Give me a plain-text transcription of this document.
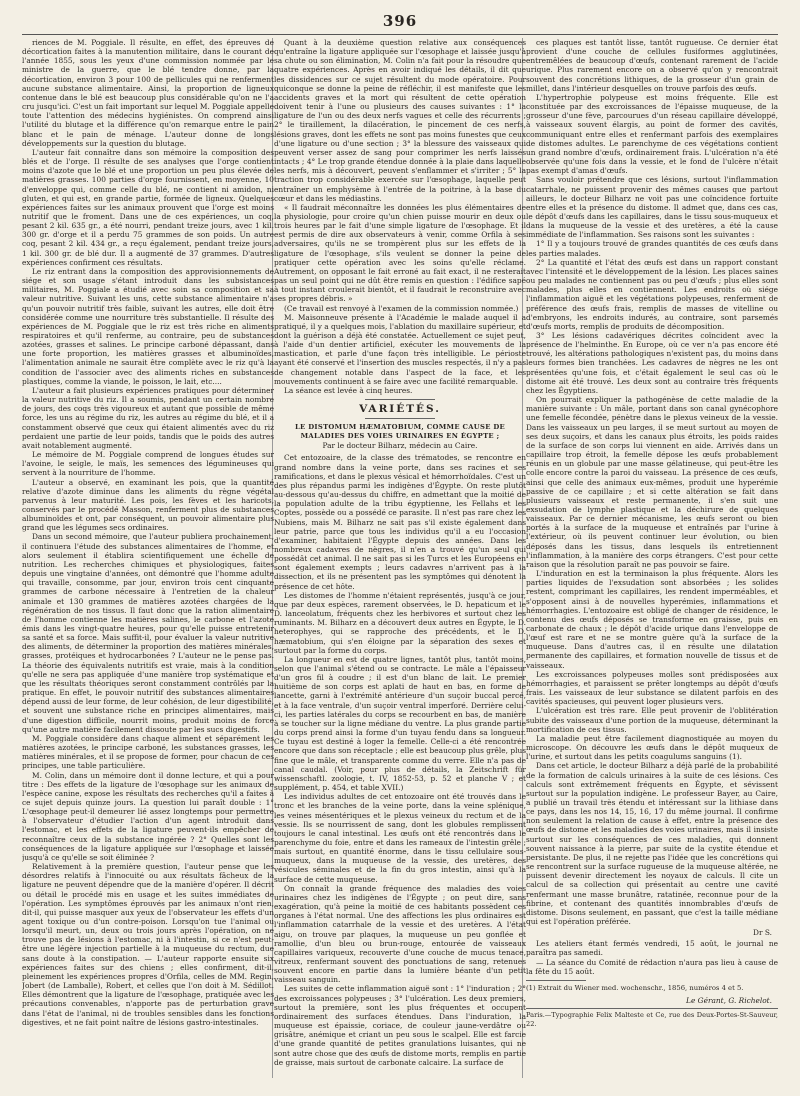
396

riences de M. Poggiale. Il résulte, en effet, des épreuves de décortication faites à la manutention militaire, dans le courant de l'année 1855, sous les yeux d'une commission nommée par le ministre de la guerre, que le blé tendre donne, par la décortication, environ 3 pour 100 de pellicules qui ne renferment aucune substance alimentaire. Ainsi, la proportion de ligneux contenue dans le blé est beaucoup plus considérable qu'on ne l'a cru jusqu'ici. C'est un fait important sur lequel M. Poggiale appelle toute l'attention des médecins hygiénistes. On comprend ainsi l'utilité du blutage et la différence qu'on remarque entre le pain blanc et le pain de ménage. L'auteur donne de longs développements sur la question du blutage.

L'auteur fait connaître dans son mémoire la composition des blés et de l'orge. Il résulte de ses analyses que l'orge contient moins d'azote que le blé et une proportion un peu plus élevée de matières grasses. 100 parties d'orge fournissent, en moyenne, 10 d'enveloppe qui, comme celle du blé, ne contient ni amidon, ni gluten, et qui est, en grande partie, formée de ligneux. Quelques expériences faites sur les animaux prouvent que l'orge est moins nutritif que le froment. Dans une de ces expériences, un coq, pesant 2 kil. 635 gr., a été nourri, pendant treize jours, avec 1 kil. 300 gr. d'orge et il a perdu 75 grammes de son poids. Un autre coq, pesant 2 kil. 434 gr., a reçu également, pendant treize jours, 1 kil. 300 gr. de blé dur. Il a augmenté de 37 grammes. D'autres expériences confirment ces résultats.

Le riz entrant dans la composition des approvisionnements de siége et son usage s'étant introduit dans les subsistances militaires, M. Poggiale a étudié avec soin sa composition et sa valeur nutritive. Suivant les uns, cette substance alimentaire n'a qu'un pouvoir nutritif très faible, suivant les autres, elle doit être considérée comme une nourriture très substantielle. Il résulte des expériences de M. Poggiale que le riz est très riche en aliments respiratoires et qu'il renferme, au contraire, peu de substances azotées, grasses et salines. Le principe carboné dépassant, dans une forte proportion, les matières grasses et albuminoïdes, l'alimentation animale ne saurait être complète avec le riz qu'à la condition de l'associer avec des aliments riches en substances plastiques, comme la viande, le poisson, le lait, etc....

L'auteur a fait plusieurs expériences pratiques pour déterminer la valeur nutritive du riz. Il a soumis, pendant un certain nombre de jours, des coqs très vigoureux et autant que possible de même force, les uns au régime du riz, les autres au régime du blé, et il a constamment observé que ceux qui étaient alimentés avec du riz perdaient une partie de leur poids, tandis que le poids des autres avait notablement augmenté.

Le mémoire de M. Poggiale comprend de longues études sur l'avoine, le seigle, le maïs, les semences des légumineuses qui servent à la nourriture de l'homme.

L'auteur a observé, en examinant les pois, que la quantité relative d'azote diminue dans les aliments du règne végétal parvenus à leur maturité. Les pois, les fèves et les haricots, conservés par le procédé Masson, renferment plus de substances albuminoïdes et ont, par conséquent, un pouvoir alimentaire plus grand que les légumes secs ordinaires.

Dans un second mémoire, que l'auteur publiera prochainement, il continuera l'étude des substances alimentaires de l'homme, et alors seulement il établira scientifiquement une échelle de nutrition. Les recherches chimiques et physiologiques, faites depuis une vingtaine d'années, ont démontré que l'homme adulte qui travaille, consomme, par jour, environ trois cent cinquante grammes de carbone nécessaire à l'entretien de la chaleur animale et 130 grammes de matières azotées chargées de la régénération de nos tissus. Il faut donc que la ration alimentaire de l'homme contienne les matières salines, le carbone et l'azote émis dans les vingt-quatre heures, pour qu'elle puisse entretenir sa santé et sa force. Mais suffit-il, pour évaluer la valeur nutritive des aliments, de déterminer la proportion des matières minérales, grasses, protéiques et hydrocarbonées ? L'auteur ne le pense pas. La théorie des équivalents nutritifs est vraie, mais à la condition qu'elle ne sera pas appliquée d'une manière trop systématique et que les résultats théoriques seront constamment contrôlés par la pratique. En effet, le pouvoir nutritif des substances alimentaires dépend aussi de leur forme, de leur cohésion, de leur digestibilité, et souvent une substance riche en principes alimentaires, mais d'une digestion difficile, nourrit moins, produit moins de force qu'une autre matière facilement dissoute par les sucs digestifs.

M. Poggiale considère dans chaque aliment et séparément les matières azotées, le principe carboné, les substances grasses, les matières minérales, et il se propose de former, pour chacun de ces principes, une table particulière.

M. Colin, dans un mémoire dont il donne lecture, et qui a pour titre : Des effets de la ligature de l'œsophage sur les animaux de l'espèce canine, expose les résultats des recherches qu'il a faites à ce sujet depuis quinze jours. La question lui paraît double : 1° L'œsophage peut-il demeurer lié assez longtemps pour permettre à l'observateur d'étudier l'action d'un agent introduit dans l'estomac, et les effets de la ligature peuvent-ils empêcher de reconnaître ceux de la substance ingérée ? 2° Quelles sont les conséquences de la ligature appliquée sur l'œsophage et laissée jusqu'à ce qu'elle se soit éliminée ?

Relativement à la première question, l'auteur pense que les désordres relatifs à l'innocuité ou aux résultats fâcheux de la ligature ne peuvent dépendre que de la manière d'opérer. Il décrit ou détail le procédé mis en usage et les suites immédiates de l'opération. Les symptômes éprouvés par les animaux n'ont rien, dit-il, qui puisse masquer aux yeux de l'observateur les effets d'un agent toxique ou d'un contre-poison. Lorsqu'on tue l'animal ou lorsqu'il meurt, un, deux ou trois jours après l'opération, on ne trouve pas de lésions à l'estomac, ni à l'intestin, si ce n'est peut-être une légère injection partielle à la muqueuse du rectum, due sans doute à la constipation. — L'auteur rapporte ensuite six expériences faites sur des chiens ; elles confirment, dit-il, pleinement les expériences propres d'Orfila, celles de MM. Regin, Jobert (de Lamballe), Robert, et celles que l'on doit à M. Sédillot. Elles démontrent que la ligature de l'œsophage, pratiquée avec les précautions convenables, n'apporte pas de perturbation grave dans l'état de l'animal, ni de troubles sensibles dans les fonctions digestives, et ne fait point naître de lésions gastro-intestinales.

Quant à la deuxième question relative aux conséquences qu'entraîne la ligature appliquée sur l'œsophage et laissée jusqu'à sa chute ou son élimination, M. Colin n'a fait pour la résoudre que quatre expériences. Après en avoir indiqué les détails, il dit que les dissidences sur ce sujet résultent du mode opératoire. Pour quiconque se donne la peine de réfléchir, il est manifeste que les accidents graves et la mort qui résultent de cette opération doivent tenir à l'une ou plusieurs des causes suivantes : 1° la ligature de l'un ou des deux nerfs vagues et celle des récurrents ; 2° le tiraillement, la dilacération, le pincement de ces nerfs, lésions graves, dont les effets ne sont pas moins funestes que ceux d'une ligature ou d'une section ; 3° la blessure des vaisseaux qui peuvent verser assez de sang pour comprimer les nerfs laissés intacts ; 4° Le trop grande étendue donnée à la plaie dans laquelle les nerfs, mis à découvert, peuvent s'enflammer et s'irriter ; 5° la traction trop considérable exercée sur l'œsophage, laquelle peut entraîner un emphysème à l'entrée de la poitrine, à la base du cœur et dans les médiastins.

« Il faudrait méconnaître les données les plus élémentaires de la physiologie, pour croire qu'un chien puisse mourir en deux ou trois heures par le fait d'une simple ligature de l'œsophage. Et il est permis de dire aux observateurs à venir, comme Orfila à ses adversaires, qu'ils ne se trompèrent plus sur les effets de la ligature de l'œsophage, s'ils veulent se donner la peine de pratiquer cette opération avec les soins qu'elle réclame. Autrement, on opposant le fait erroné au fait exact, il ne resterait pas un seul point qui ne dût être remis en question : l'édifice sapé à tout instant croulerait bientôt, et il faudrait le reconstruire avec ses propres débris. »

(Ce travail est renvoyé à l'examen de la commission nommée.)

M. Maisonneuve présente à l'Académie le malade auquel il a pratiqué, il y a quelques mois, l'ablation du maxillaire supérieur, et dont la guérison a déjà été constatée. Actuellement ce sujet peut, à l'aide d'un dentier artificiel, exécuter les mouvements de la mastication, et parle d'une façon très intelligible. Le périoste ayant été conservé et l'insertion des muscles respectés, il n'y a pas de changement notable dans l'aspect de la face, et les mouvements continuent à se faire avec une facilité remarquable.

La séance est levée à cinq heures.

VARIÉTÉS.
LE DISTOMUM HÆMATOBIUM, COMME CAUSE DE MALADIES DES VOIES URINAIRES EN ÉGYPTE ;
Par le docteur Bilharz, médecin au Caire.

Cet entozoaire, de la classe des trématodes, se rencontre en grand nombre dans la veine porte, dans ses racines et ses ramifications, et dans le plexus vésical et hémorrhoïdales. C'est un des plus répandus parmi les indigènes d'Égypte. On reste plutôt au-dessous qu'au-dessus du chiffre, en admettant que la moitié de la population adulte de la tribu égyptienne, les Fellahs et les Coptes, possède ou a possédé ce parasite. Il n'est pas rare chez les Nubiens, mais M. Bilharz ne sait pas s'il existe également dans leur patrie, parce que tous les individus qu'il a eu l'occasion d'examiner, habitaient l'Égypte depuis des années. Dans les nombreux cadavres de nègres, il n'en a trouvé qu'un seul qui possédât cet animal. Il ne sait pas si les Turcs et les Européens en sont également exempts ; leurs cadavres n'arrivent pas à la dissection, et ils ne présentent pas les symptômes qui dénotent la présence de cet hôte.

Les distomes de l'homme n'étaient représentés, jusqu'à ce jour, que par deux espèces, rarement observées, le D. hepaticum et le D. lanceolatum, fréquents chez les herbivores et surtout chez les ruminants. M. Bilharz en a découvert deux autres en Égypte, le D. heterophyes, qui se rapproche des précédents, et le D. hæmatobium, qui s'en éloigne par la séparation des sexes et surtout par la forme du corps.

La longueur en est de quatre lignes, tantôt plus, tantôt moins, selon que l'animal s'étend ou se contracte. Le mâle a l'épaisseur d'un gros fil à coudre ; il est d'un blanc de lait. Le premier huitième de son corps est aplati de haut en bas, en forme de lancette, garni à l'extrémité antérieure d'un suçoir buccal percé, et à la face ventrale, d'un suçoir ventral imperforé. Derrière celui-ci, les parties latérales du corps se recourbent en bas, de manière à se toucher sur la ligne médiane du ventre. La plus grande partie du corps prend ainsi la forme d'un tuyau fendu dans sa longueur. Ce tuyau est destiné à loger la femelle. Celle-ci a été rencontrée encore que dans son réceptacle ; elle est beaucoup plus grêle, plus fine que le mâle, et transparente comme du verre. Elle n'a pas de canal caudal. (Voir, pour plus de détails, la Zeitschrift für wissenschaftl. zoologie, t. IV, 1852-53, p. 52 et planche V ; et supplément, p. 454, et table XVII.)

Les individus adultes de cet entozoaire ont été trouvés dans le tronc et les branches de la veine porte, dans la veine splénique, les veines mésentériques et le plexus veineux du rectum et de la vessie. Ils se nourrissent de sang, dont les globules remplissent toujours le canal intestinal. Les œufs ont été rencontrés dans le parenchyme du foie, entre et dans les rameaux de l'intestin grêle ; mais surtout, en quantité énorme, dans le tissu cellulaire sous-muqueux, dans la muqueuse de la vessie, des uretères, des vésicules séminales et de la fin du gros intestin, ainsi qu'à la surface de cette muqueuse.

On connaît la grande fréquence des maladies des voies urinaires chez les indigènes de l'Égypte ; on peut dire, sans exagération, qu'à peine la moitié de ces habitants possèdent ces organes à l'état normal. Une des affections les plus ordinaires est l'inflammation catarrhale de la vessie et des uretères. A l'état aigu, on trouve par plaques, la muqueuse un peu gonflée et ramollie, d'un bleu ou brun-rouge, entourée de vaisseaux capillaires variqueux, recouverte d'une couche de mucus tenace, vitreux, renfermant souvent des ponctuations de sang, retenues souvent encore en partie dans la lumière béante d'un petit vaisseau sanguin.

Les suites de cette inflammation aiguë sont : 1° l'induration ; 2° des excroissances polypeuses ; 3° l'ulcération. Les deux premiers, surtout la première, sont les plus fréquentes et occupent ordinairement des surfaces étendues. Dans l'induration, la muqueuse est épaissie, coriace, de couleur jaune-verdâtre ou grisâtre, anémique et criant un peu sous le scalpel. Elle est farcie d'une grande quantité de petites granulations luisantes, qui ne sont autre chose que des œufs de distome morts, remplis en partie de graisse, mais surtout de carbonate calcaire. La surface de

ces plaques est tantôt lisse, tantôt rugueuse. Ce dernier état provient d'une couche de cellules fusiformes agglutinées, entremêlées de beaucoup d'œufs, contenant rarement de l'acide urique. Plus rarement encore on a observé qu'on y rencontrait souvent des concrétions lithiques, de la grosseur d'un grain de millet, dans l'intérieur desquelles on trouve parfois des œufs.

L'hypertrophie polypeuse est moins fréquente. Elle est constituée par des excroissances de l'épaisse muqueuse, de la grosseur d'une fève, parcourues d'un réseau capillaire développé, à vaisseaux souvent élargis, au point de former des cavités, communiquant entre elles et renfermant parfois des exemplaires de distomes adultes. Le parenchyme de ces végétations contient un grand nombre d'œufs, ordinairement frais. L'ulcération n'a été observée qu'une fois dans la vessie, et le fond de l'ulcère n'était pas exempt d'amas d'œufs.

Sans vouloir prétendre que ces lésions, surtout l'inflammation catarrhale, ne puissent provenir des mêmes causes que partout ailleurs, le docteur Bilharz ne voit pas une coïncidence fortuite entre elles et la présence du distome. Il admet que, dans ces cas, le dépôt d'œufs dans les capillaires, dans le tissu sous-muqueux et dans la muqueuse de la vessie et des uretères, a été la cause immédiate de l'inflammation. Ses raisons sont les suivantes :

1° Il y a toujours trouvé de grandes quantités de ces œufs dans les parties malades.

2° La quantité et l'état des œufs est dans un rapport constant avec l'intensité et le développement de la lésion. Les places saines ou peu malades ne contiennent pas ou peu d'œufs ; plus elles sont malades, plus elles en contiennent. Les endroits où siége l'inflammation aiguë et les végétations polypeuses, renferment de préférence des œufs frais, remplis de masses de vitelline ou d'embryons, les endroits indurés, au contraire, sont parsemés d'œufs morts, remplis de produits de décomposition.

3° Les lésions cadavériques décrites coïncident avec la présence de l'helminthe. En Europe, où ce ver n'a pas encore été trouvé, les altérations pathologiques n'existent pas, du moins dans leurs formes bien tranchées. Les cadavres de nègres ne les ont présentées qu'une fois, et c'était également le seul cas où le distome ait été trouvé. Les deux sont au contraire très fréquents chez les Égyptiens.

On pourrait expliquer la pathogénèse de cette maladie de la manière suivante : Un mâle, portant dans son canal gynécophore une femelle fécondée, pénètre dans le plexus veineux de la vessie. Dans les vaisseaux un peu larges, il se meut surtout au moyen de ses deux suçoirs, et dans les canaux plus étroits, les poids raides de la surface de son corps lui viennent en aide. Arrivés dans un capillaire trop étroit, la femelle dépose les œufs probablement réunis en un globule par une masse gélatineuse, qui peut-être les colle encore contre la paroi du vaisseau. La présence de ces œufs, ainsi que celle des animaux eux-mêmes, produit une hyperémie passive de ce capillaire ; et si cette altération se fait dans plusieurs vaisseaux et reste permanente, il s'en suit une exsudation de lymphe plastique et la déchirure de quelques vaisseaux. Par ce dernier mécanisme, les œufs seront ou bien portés à la surface de la muqueuse et entraînés par l'urine à l'extérieur, où ils peuvent continuer leur évolution, ou bien déposés dans les tissus, dans lesquels ils entretiennent l'inflammation, à la manière des corps étrangers. C'est pour cette raison que la résolution paraît ne pas pouvoir se faire.

L'induration en est la terminaison la plus fréquente. Alors les parties liquides de l'exsudation sont absorbées ; les solides restent, comprimant les capillaires, les rendent imperméables, et s'opposent ainsi à de nouvelles hyperémies, inflammations et hémorrhagies. L'entozoaire est obligé de changer de résidence, le contenu des œufs déposés se transforme en graisse, puis en carbonate de chaux ; le dépôt d'acide urique dans l'enveloppe de l'œuf est rare et ne se montre guère qu'à la surface de la muqueuse. Dans d'autres cas, il en résulte une dilatation permanente des capillaires, et formation nouvelle de tissus et de vaisseaux.

Les excroissances polypeuses molles sont prédisposées aux hémorrhagies, et paraissent se prêter longtemps au dépôt d'œufs frais. Les vaisseaux de leur substance se dilatent parfois en des cavités spacieuses, qui peuvent loger plusieurs vers.

L'ulcération est très rare. Elle peut provenir de l'oblitération subite des vaisseaux d'une portion de la muqueuse, déterminant la mortification de ces tissus.

La maladie peut être facilement diagnostiquée au moyen du microscope. On découvre les œufs dans le dépôt muqueux de l'urine, et surtout dans les petits coagulums sanguins (1).

Dans cet article, le docteur Bilharz a déjà parlé de la probabilité de la formation de calculs urinaires à la suite de ces lésions. Ces calculs sont extrêmement fréquents en Égypte, et sévissent surtout sur la population indigène. Le professeur Bayer, au Caire, a publié un travail très étendu et intéressant sur la lithiase dans ce pays, dans les nos 14, 15, 16, 17 du même journal. Il confirme non seulement la relation de cause à effet, entre la présence des œufs de distome et les maladies des voies urinaires, mais il insiste surtout sur les conséquences de ces maladies, qui donnent souvent naissance à la pierre, par suite de la cystite étendue et persistante. De plus, il ne rejette pas l'idée que les concrétions qui se rencontrent sur la surface rugueuse de la muqueuse altérée, ne puissent devenir directement les noyaux de calculs. Il cite un calcul de sa collection qui présentait au centre une cavité renfermant une masse brunâtre, ratatinée, reconnue pour de la fibrine, et contenant des quantités innombrables d'œufs de distome. Disons seulement, en passant, que c'est la taille médiane qui est l'opération préférée.

Dr S.

Les ateliers étant fermés vendredi, 15 août, le journal ne paraîtra pas samedi.

— La séance du Comité de rédaction n'aura pas lieu à cause de la fête du 15 août.

(1) Extrait du Wiener med. wochenschr., 1856, numéros 4 et 5.
Le Gérant, G. Richelot.
Paris.—Typographie Felix Malteste et Ce, rue des Deux-Portes-St-Sauveur, 22.
